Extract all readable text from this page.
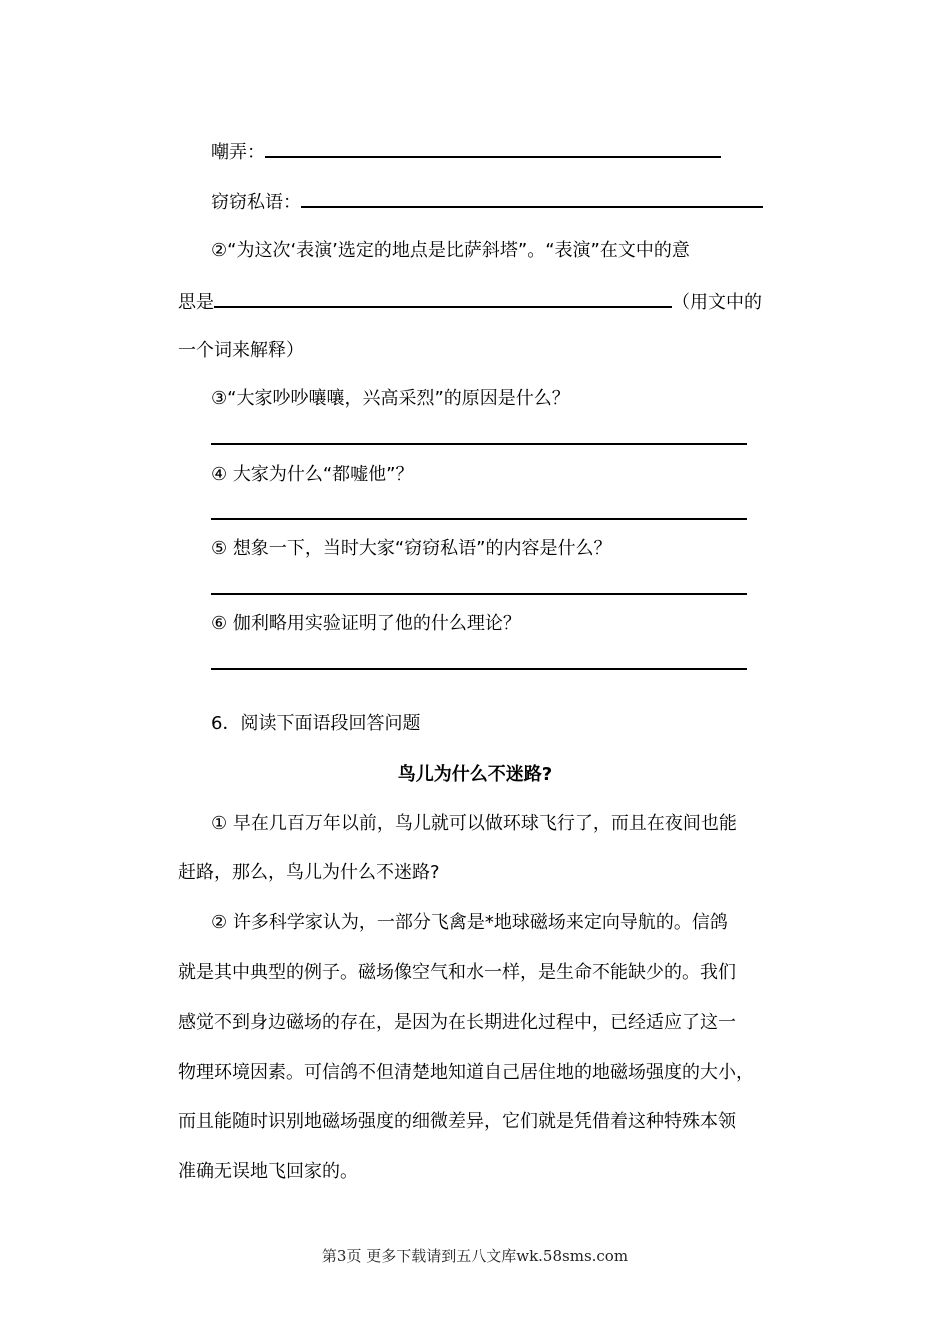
嘲弄：
窃窃私语：
②“为这次‘表演’选定的地点是比萨斜塔”。“表演”在文中的意
思是	（用文中的
一个词来解释）
③“大家吵吵嚷嚷，兴高采烈”的原因是什么？
④ 大家为什么“都嘘他”？
⑤ 想象一下，当时大家“窃窃私语”的内容是什么？
⑥ 伽利略用实验证明了他的什么理论？
6．阅读下面语段回答问题
鸟儿为什么不迷路?
① 早在几百万年以前，鸟儿就可以做环球飞行了，而且在夜间也能
赶路，那么，鸟儿为什么不迷路?
② 许多科学家认为，一部分飞禽是*地球磁场来定向导航的。信鸽
就是其中典型的例子。磁场像空气和水一样，是生命不能缺少的。我们
感觉不到身边磁场的存在，是因为在长期进化过程中，已经适应了这一
物理环境因素。可信鸽不但清楚地知道自己居住地的地磁场强度的大小，
而且能随时识别地磁场强度的细微差异，它们就是凭借着这种特殊本领
准确无误地飞回家的。
第3页 更多下载请到五八文库wk.58sms.com
